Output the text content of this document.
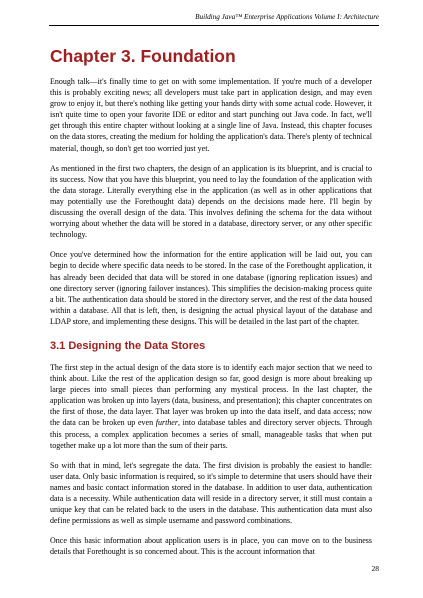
Building Java™ Enterprise Applications Volume I: Architecture
Chapter 3. Foundation

Enough talk—it's finally time to get on with some implementation. If you're much of a developer this is probably exciting news; all developers must take part in application design, and may even grow to enjoy it, but there's nothing like getting your hands dirty with some actual code. However, it isn't quite time to open your favorite IDE or editor and start punching out Java code. In fact, we'll get through this entire chapter without looking at a single line of Java. Instead, this chapter focuses on the data stores, creating the medium for holding the application's data. There's plenty of technical material, though, so don't get too worried just yet.

As mentioned in the first two chapters, the design of an application is its blueprint, and is crucial to its success. Now that you have this blueprint, you need to lay the foundation of the application with the data storage. Literally everything else in the application (as well as in other applications that may potentially use the Forethought data) depends on the decisions made here. I'll begin by discussing the overall design of the data. This involves defining the schema for the data without worrying about whether the data will be stored in a database, directory server, or any other specific technology.

Once you've determined how the information for the entire application will be laid out, you can begin to decide where specific data needs to be stored. In the case of the Forethought application, it has already been decided that data will be stored in one database (ignoring replication issues) and one directory server (ignoring failover instances). This simplifies the decision-making process quite a bit. The authentication data should be stored in the directory server, and the rest of the data housed within a database. All that is left, then, is designing the actual physical layout of the database and LDAP store, and implementing these designs. This will be detailed in the last part of the chapter.

3.1 Designing the Data Stores

The first step in the actual design of the data store is to identify each major section that we need to think about. Like the rest of the application design so far, good design is more about breaking up large pieces into small pieces than performing any mystical process. In the last chapter, the application was broken up into layers (data, business, and presentation); this chapter concentrates on the first of those, the data layer. That layer was broken up into the data itself, and data access; now the data can be broken up even further, into database tables and directory server objects. Through this process, a complex application becomes a series of small, manageable tasks that when put together make up a lot more than the sum of their parts.

So with that in mind, let's segregate the data. The first division is probably the easiest to handle: user data. Only basic information is required, so it's simple to determine that users should have their names and basic contact information stored in the database. In addition to user data, authentication data is a necessity. While authentication data will reside in a directory server, it still must contain a unique key that can be related back to the users in the database. This authentication data must also define permissions as well as simple username and password combinations.

Once this basic information about application users is in place, you can move on to the business details that Forethought is so concerned about. This is the account information that

28
